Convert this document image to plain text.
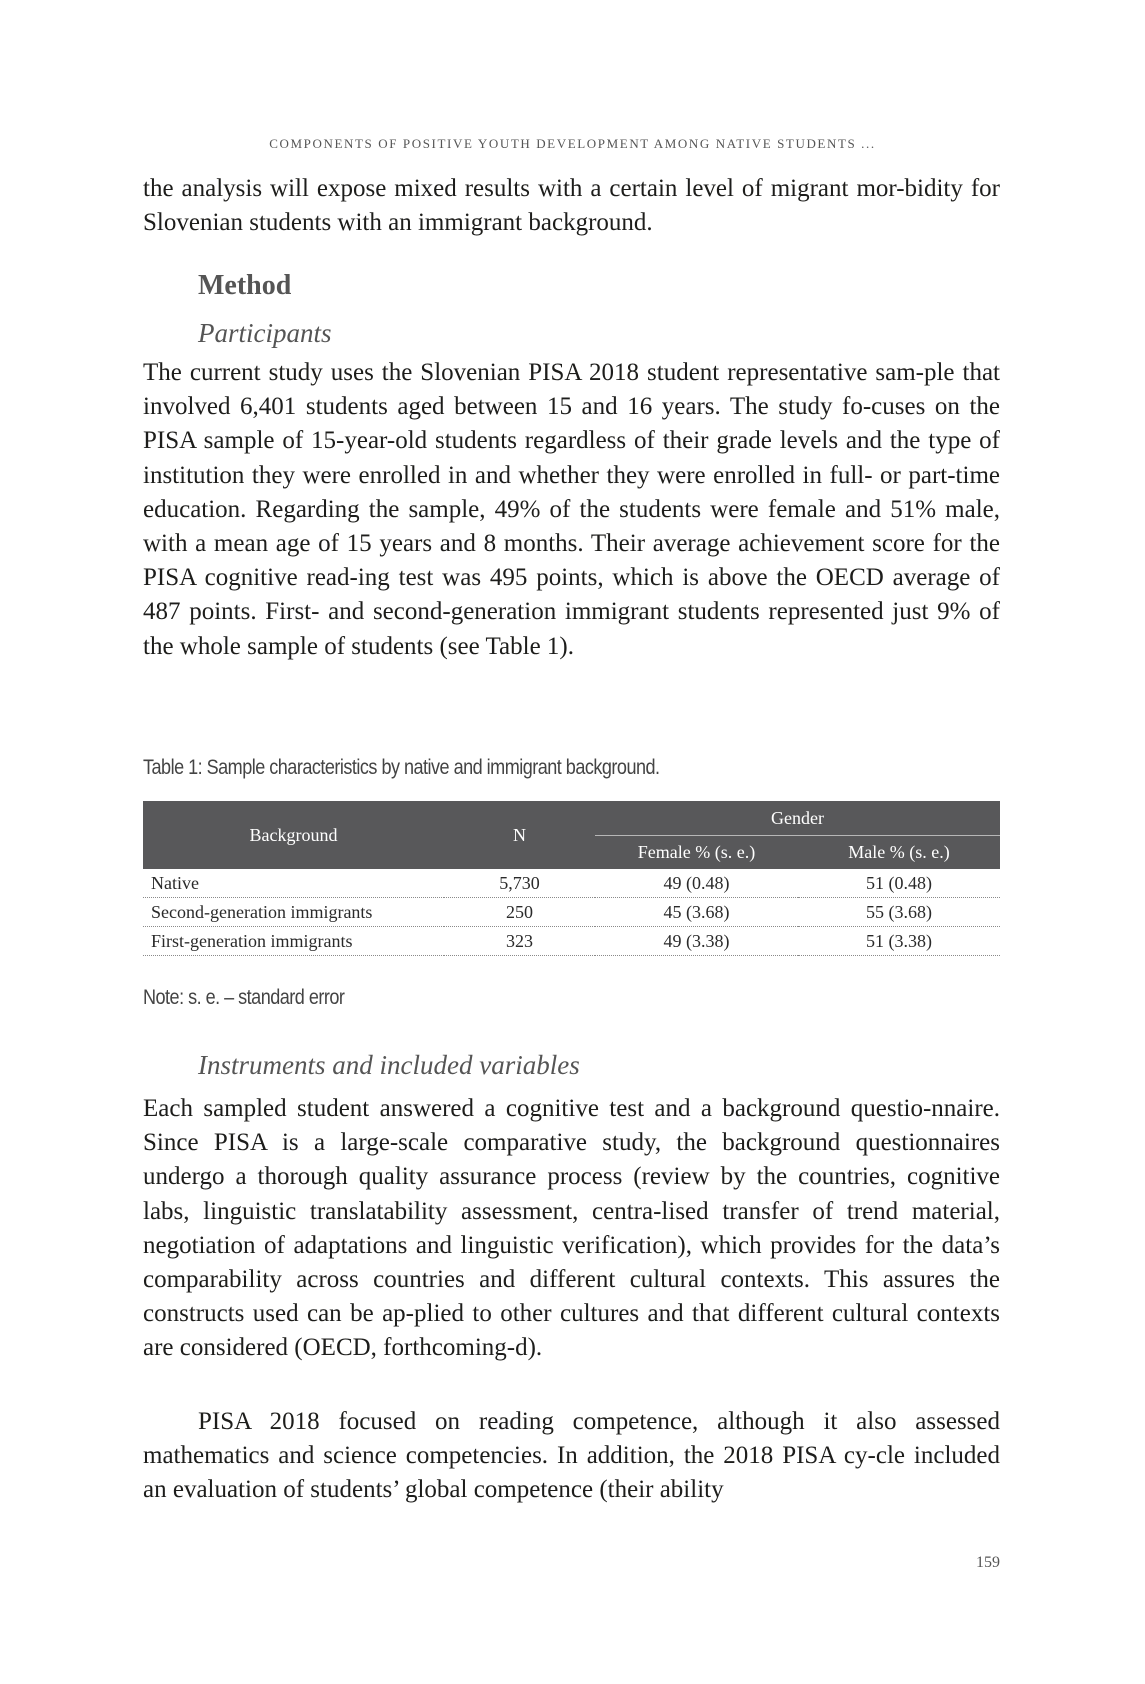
COMPONENTS OF POSITIVE YOUTH DEVELOPMENT AMONG NATIVE STUDENTS ...

the analysis will expose mixed results with a certain level of migrant mor-bidity for Slovenian students with an immigrant background.

Method
Participants

The current study uses the Slovenian PISA 2018 student representative sam-ple that involved 6,401 students aged between 15 and 16 years. The study fo-cuses on the PISA sample of 15-year-old students regardless of their grade levels and the type of institution they were enrolled in and whether they were enrolled in full- or part-time education. Regarding the sample, 49% of the students were female and 51% male, with a mean age of 15 years and 8 months. Their average achievement score for the PISA cognitive read-ing test was 495 points, which is above the OECD average of 487 points. First- and second-generation immigrant students represented just 9% of the whole sample of students (see Table 1).

Table 1: Sample characteristics by native and immigrant background.
Background	N	Gender	
		Female % (s. e.)	Male % (s. e.)
Native	5,730	49 (0.48)	51 (0.48)
Second-generation immigrants	250	45 (3.68)	55 (3.68)
First-generation immigrants	323	49 (3.38)	51 (3.38)
Note: s. e. – standard error
Instruments and included variables

Each sampled student answered a cognitive test and a background questio-nnaire. Since PISA is a large-scale comparative study, the background questionnaires undergo a thorough quality assurance process (review by the countries, cognitive labs, linguistic translatability assessment, centra-lised transfer of trend material, negotiation of adaptations and linguistic verification), which provides for the data’s comparability across countries and different cultural contexts. This assures the constructs used can be ap-plied to other cultures and that different cultural contexts are considered (OECD, forthcoming-d).

PISA 2018 focused on reading competence, although it also assessed mathematics and science competencies. In addition, the 2018 PISA cy-cle included an evaluation of students’ global competence (their ability

159
